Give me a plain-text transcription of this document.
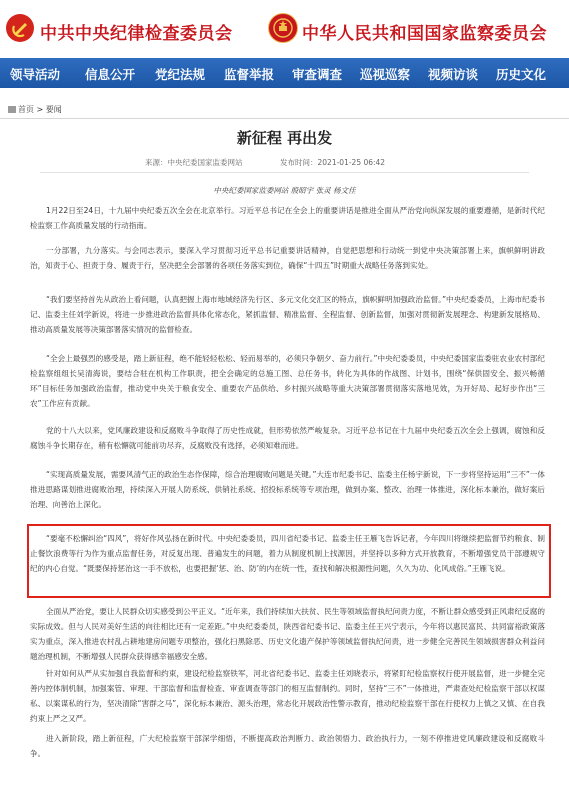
中共中央纪律检查委员会	中华人民共和国国家监察委员会
领导活动 信息公开 党纪法规 监督举报 审查调查 巡视巡察 视频访谈 历史文化
首页 > 要闻
新征程 再出发
来源：中央纪委国家监委网站	发布时间：2021-01-25 06:42
中央纪委国家监委网站 殷昭宇 张灵 杨文佳

1月22日至24日，十九届中央纪委五次全会在北京举行。习近平总书记在全会上的重要讲话是推进全面从严治党向纵深发展的重要遵循，是新时代纪检监察工作高质量发展的行动指南。

一分部署，九分落实。与会同志表示，要深入学习贯彻习近平总书记重要讲话精神，自觉把思想和行动统一到党中央决策部署上来，旗帜鲜明讲政治，知责于心、担责于身、履责于行，坚决把全会部署的各项任务落实到位，确保“十四五”时期重大战略任务落到实处。

“我们要坚持首先从政治上看问题，认真把握上海市地域经济先行区、多元文化交汇区的特点，旗帜鲜明加强政治监督。”中央纪委委员，上海市纪委书记、监委主任刘学新说，将进一步推进政治监督具体化常态化，紧抓监督、精准监督、全程监督、创新监督，加强对贯彻新发展理念、构建新发展格局、推动高质量发展等决策部署落实情况的监督检查。

“全会上最强烈的感受是，踏上新征程，绝不能轻轻松松、轻而易举的，必须只争朝夕、奋力前行。”中央纪委委员，中央纪委国家监委驻农业农村部纪检监察组组长吴清海说，要结合驻在机构工作职责，把全会确定的总施工图、总任务书，转化为具体的作战图、计划书，围绕“保供固安全、振兴畅循环”目标任务加强政治监督，推动党中央关于粮食安全、重要农产品供给、乡村振兴战略等重大决策部署贯彻落实落地见效，为开好局、起好步作出“三农”工作应有贡献。

党的十八大以来，党风廉政建设和反腐败斗争取得了历史性成就，但形势依然严峻复杂。习近平总书记在十九届中央纪委五次全会上强调，腐蚀和反腐蚀斗争长期存在，稍有松懈就可能前功尽弃，反腐败没有选择，必须知难而进。

“实现高质量发展，需要风清气正的政治生态作保障，综合治理腐败问题是关键。”大连市纪委书记、监委主任杨宇新说，下一步将坚持运用“三不”一体推进思路谋划推进腐败治理，持续深入开展人防系统、供销社系统、招投标系统等专项治理，做到办案、整改、治理一体推进，深化标本兼治，做好案后治理、向善治上深化。

“要毫不松懈纠治“四风”，将好作风弘扬在新时代。中央纪委委员，四川省纪委书记、监委主任王雁飞告诉记者，今年四川将继续把监督节约粮食、制止餐饮浪费等行为作为重点监督任务，对反复出现、普遍发生的问题，着力从制度机制上找源因，并坚持以多种方式开放教育，不断增强党员干部遵规守纪的内心自觉。“既要保持惩治这一手不放松，也要把握‘惩、治、防’的内在统一性，查找和解决根源性问题，久久为功、化风成俗。”王雁飞说。

全面从严治党，要让人民群众切实感受到公平正义。“近年来，我们持续加大扶贫、民生等领域监督执纪问责力度，不断让群众感受到正风肃纪反腐的实际成效。但与人民对美好生活的向往相比还有一定差距。”中央纪委委员，陕西省纪委书记、监委主任王兴宁表示，今年将以惠民富民、共同富裕政策落实为重点，深入推进农村乱占耕地建房问题专项整治，强化扫黑除恶、历史文化遗产保护等领域监督执纪问责，进一步健全完善民生领域损害群众利益问题治理机制，不断增强人民群众获得感幸福感安全感。

针对如何从严从实加强自我监督和约束，建设纪检监察铁军，河北省纪委书记、监委主任刘晓表示，将紧盯纪检监察权行使开展监督，进一步健全完善内控体制机制，加强案管、审理、干部监督和监督检查、审查调查等部门的相互监督制约。同时，坚持“三不”一体推进，严肃查处纪检监察干部以权谋私、以案谋私的行为，坚决清除“害群之马”，深化标本兼治、源头治理，常态化开展政治性警示教育，推动纪检监察干部在行使权力上慎之又慎、在自我约束上严之又严。

进入新阶段，踏上新征程，广大纪检监察干部深学细悟，不断提高政治判断力、政治领悟力、政治执行力，一刻不停推进党风廉政建设和反腐败斗争。
